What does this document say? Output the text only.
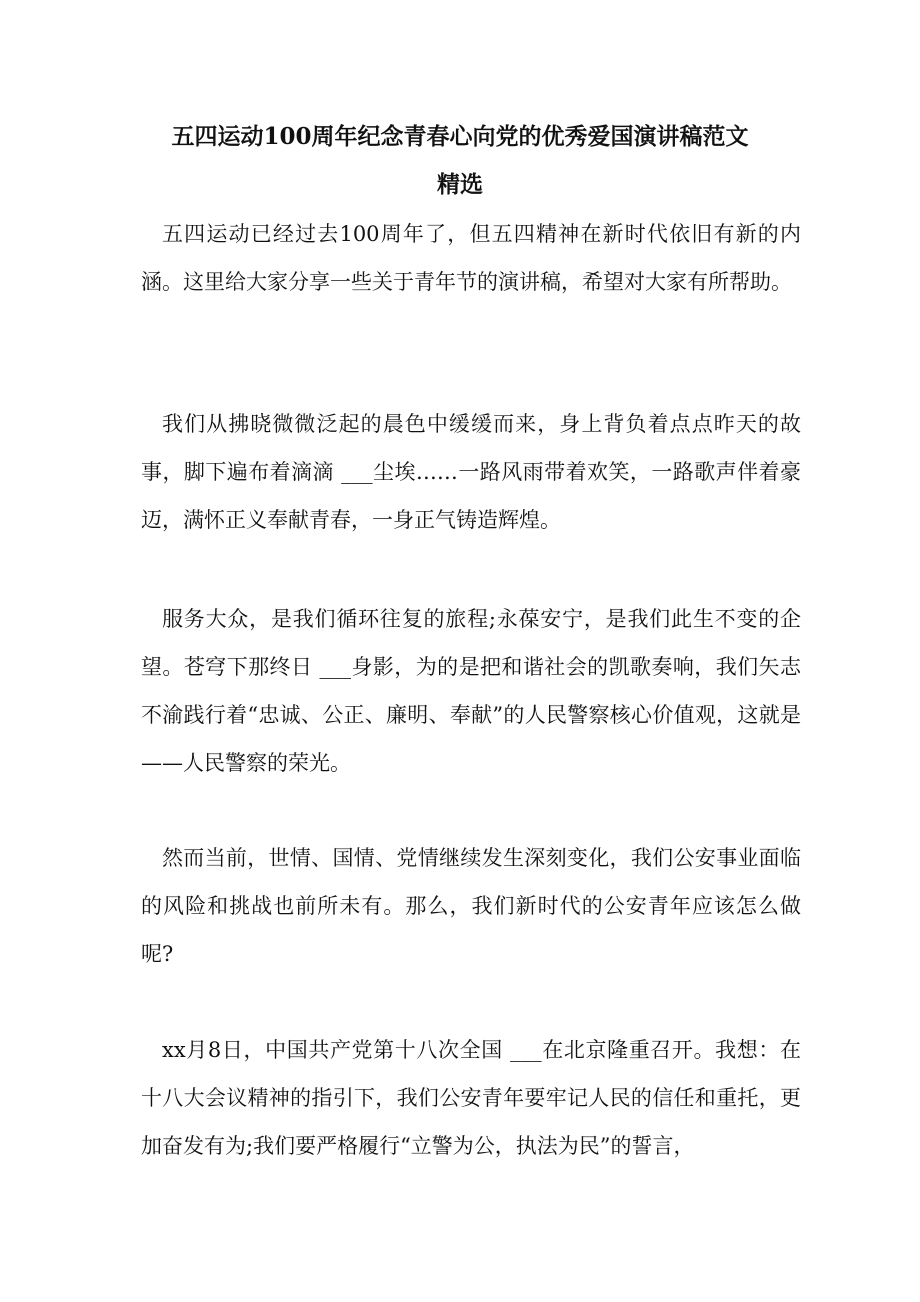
五四运动100周年纪念青春心向党的优秀爱国演讲稿范文
精选

五四运动已经过去100周年了，但五四精神在新时代依旧有新的内涵。这里给大家分享一些关于青年节的演讲稿，希望对大家有所帮助。

我们从拂晓微微泛起的晨色中缓缓而来，身上背负着点点昨天的故事，脚下遍布着滴滴 ___尘埃……一路风雨带着欢笑，一路歌声伴着豪迈，满怀正义奉献青春，一身正气铸造辉煌。

服务大众，是我们循环往复的旅程;永葆安宁，是我们此生不变的企望。苍穹下那终日 ___身影，为的是把和谐社会的凯歌奏响，我们矢志不渝践行着“忠诚、公正、廉明、奉献”的人民警察核心价值观，这就是——人民警察的荣光。

然而当前，世情、国情、党情继续发生深刻变化，我们公安事业面临的风险和挑战也前所未有。那么，我们新时代的公安青年应该怎么做呢?

xx月8日，中国共产党第十八次全国 ___在北京隆重召开。我想：在十八大会议精神的指引下，我们公安青年要牢记人民的信任和重托，更加奋发有为;我们要严格履行“立警为公，执法为民”的誓言，
